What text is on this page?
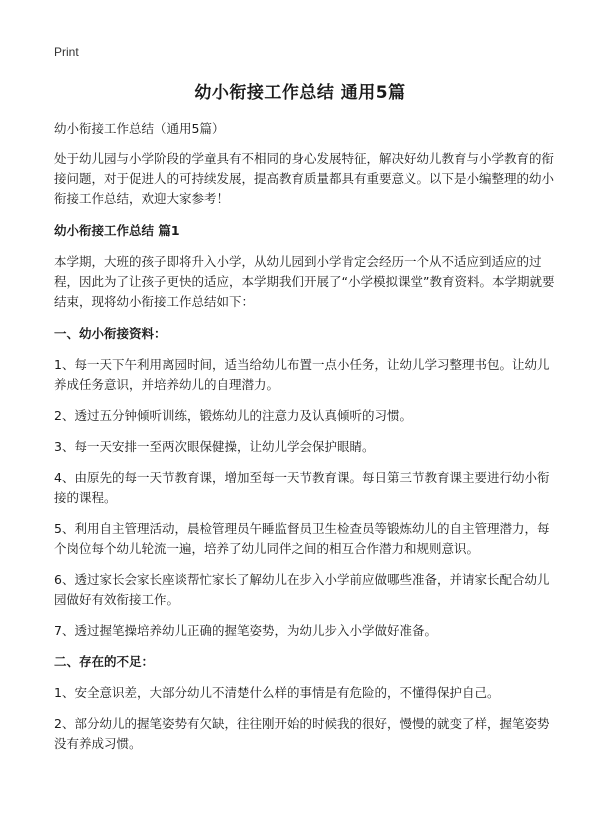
Print
幼小衔接工作总结 通用5篇

幼小衔接工作总结（通用5篇）

处于幼儿园与小学阶段的学童具有不相同的身心发展特征，解决好幼儿教育与小学教育的衔接问题，对于促进人的可持续发展，提高教育质量都具有重要意义。以下是小编整理的幼小衔接工作总结，欢迎大家参考！

幼小衔接工作总结 篇1

本学期，大班的孩子即将升入小学，从幼儿园到小学肯定会经历一个从不适应到适应的过程，因此为了让孩子更快的适应，本学期我们开展了“小学模拟课堂”教育资料。本学期就要结束，现将幼小衔接工作总结如下：

一、幼小衔接资料：

1、每一天下午利用离园时间，适当给幼儿布置一点小任务，让幼儿学习整理书包。让幼儿养成任务意识，并培养幼儿的自理潜力。

2、透过五分钟倾听训练，锻炼幼儿的注意力及认真倾听的习惯。

3、每一天安排一至两次眼保健操，让幼儿学会保护眼睛。

4、由原先的每一天节教育课，增加至每一天节教育课。每日第三节教育课主要进行幼小衔接的课程。

5、利用自主管理活动，晨检管理员午睡监督员卫生检查员等锻炼幼儿的自主管理潜力，每个岗位每个幼儿轮流一遍，培养了幼儿同伴之间的相互合作潜力和规则意识。

6、透过家长会家长座谈帮忙家长了解幼儿在步入小学前应做哪些准备，并请家长配合幼儿园做好有效衔接工作。

7、透过握笔操培养幼儿正确的握笔姿势，为幼儿步入小学做好准备。

二、存在的不足：

1、安全意识差，大部分幼儿不清楚什么样的事情是有危险的，不懂得保护自己。

2、部分幼儿的握笔姿势有欠缺，往往刚开始的时候我的很好，慢慢的就变了样，握笔姿势没有养成习惯。
